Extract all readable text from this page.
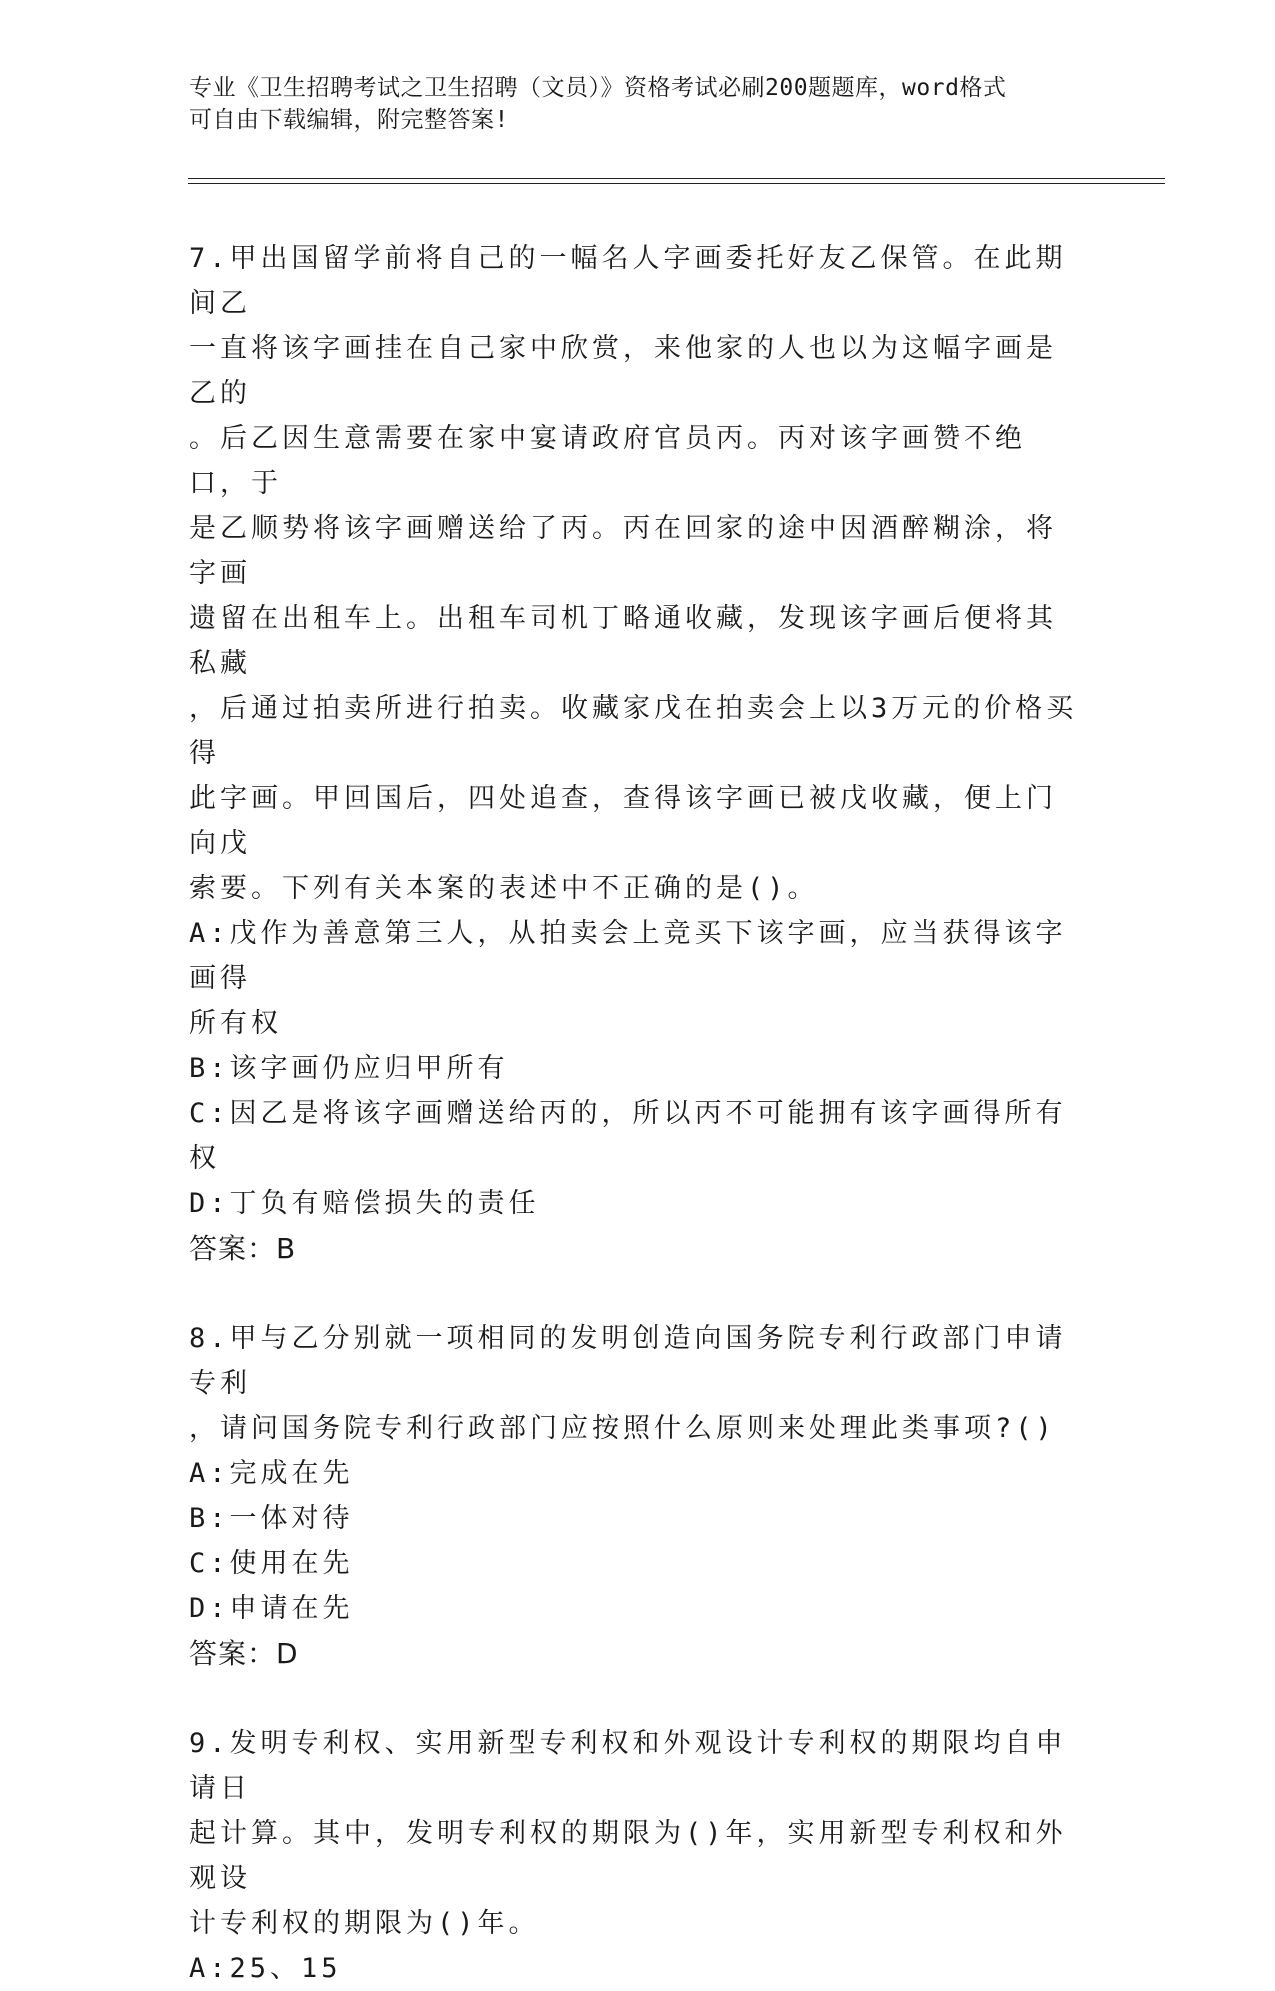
专业《卫生招聘考试之卫生招聘（文员）》资格考试必刷200题题库，word格式
可自由下载编辑，附完整答案!

7.甲出国留学前将自己的一幅名人字画委托好友乙保管。在此期间乙

一直将该字画挂在自己家中欣赏，来他家的人也以为这幅字画是乙的

。后乙因生意需要在家中宴请政府官员丙。丙对该字画赞不绝口，于

是乙顺势将该字画赠送给了丙。丙在回家的途中因酒醉糊涂，将字画

遗留在出租车上。出租车司机丁略通收藏，发现该字画后便将其私藏

，后通过拍卖所进行拍卖。收藏家戊在拍卖会上以3万元的价格买得

此字画。甲回国后，四处追查，查得该字画已被戊收藏，便上门向戊

索要。下列有关本案的表述中不正确的是()。

A:戊作为善意第三人，从拍卖会上竞买下该字画，应当获得该字画得

所有权

B:该字画仍应归甲所有

C:因乙是将该字画赠送给丙的，所以丙不可能拥有该字画得所有权

D:丁负有赔偿损失的责任

答案：B

8.甲与乙分别就一项相同的发明创造向国务院专利行政部门申请专利

，请问国务院专利行政部门应按照什么原则来处理此类事项?()

A:完成在先

B:一体对待

C:使用在先

D:申请在先

答案：D

9.发明专利权、实用新型专利权和外观设计专利权的期限均自申请日

起计算。其中，发明专利权的期限为()年，实用新型专利权和外观设

计专利权的期限为()年。

A:25、15
